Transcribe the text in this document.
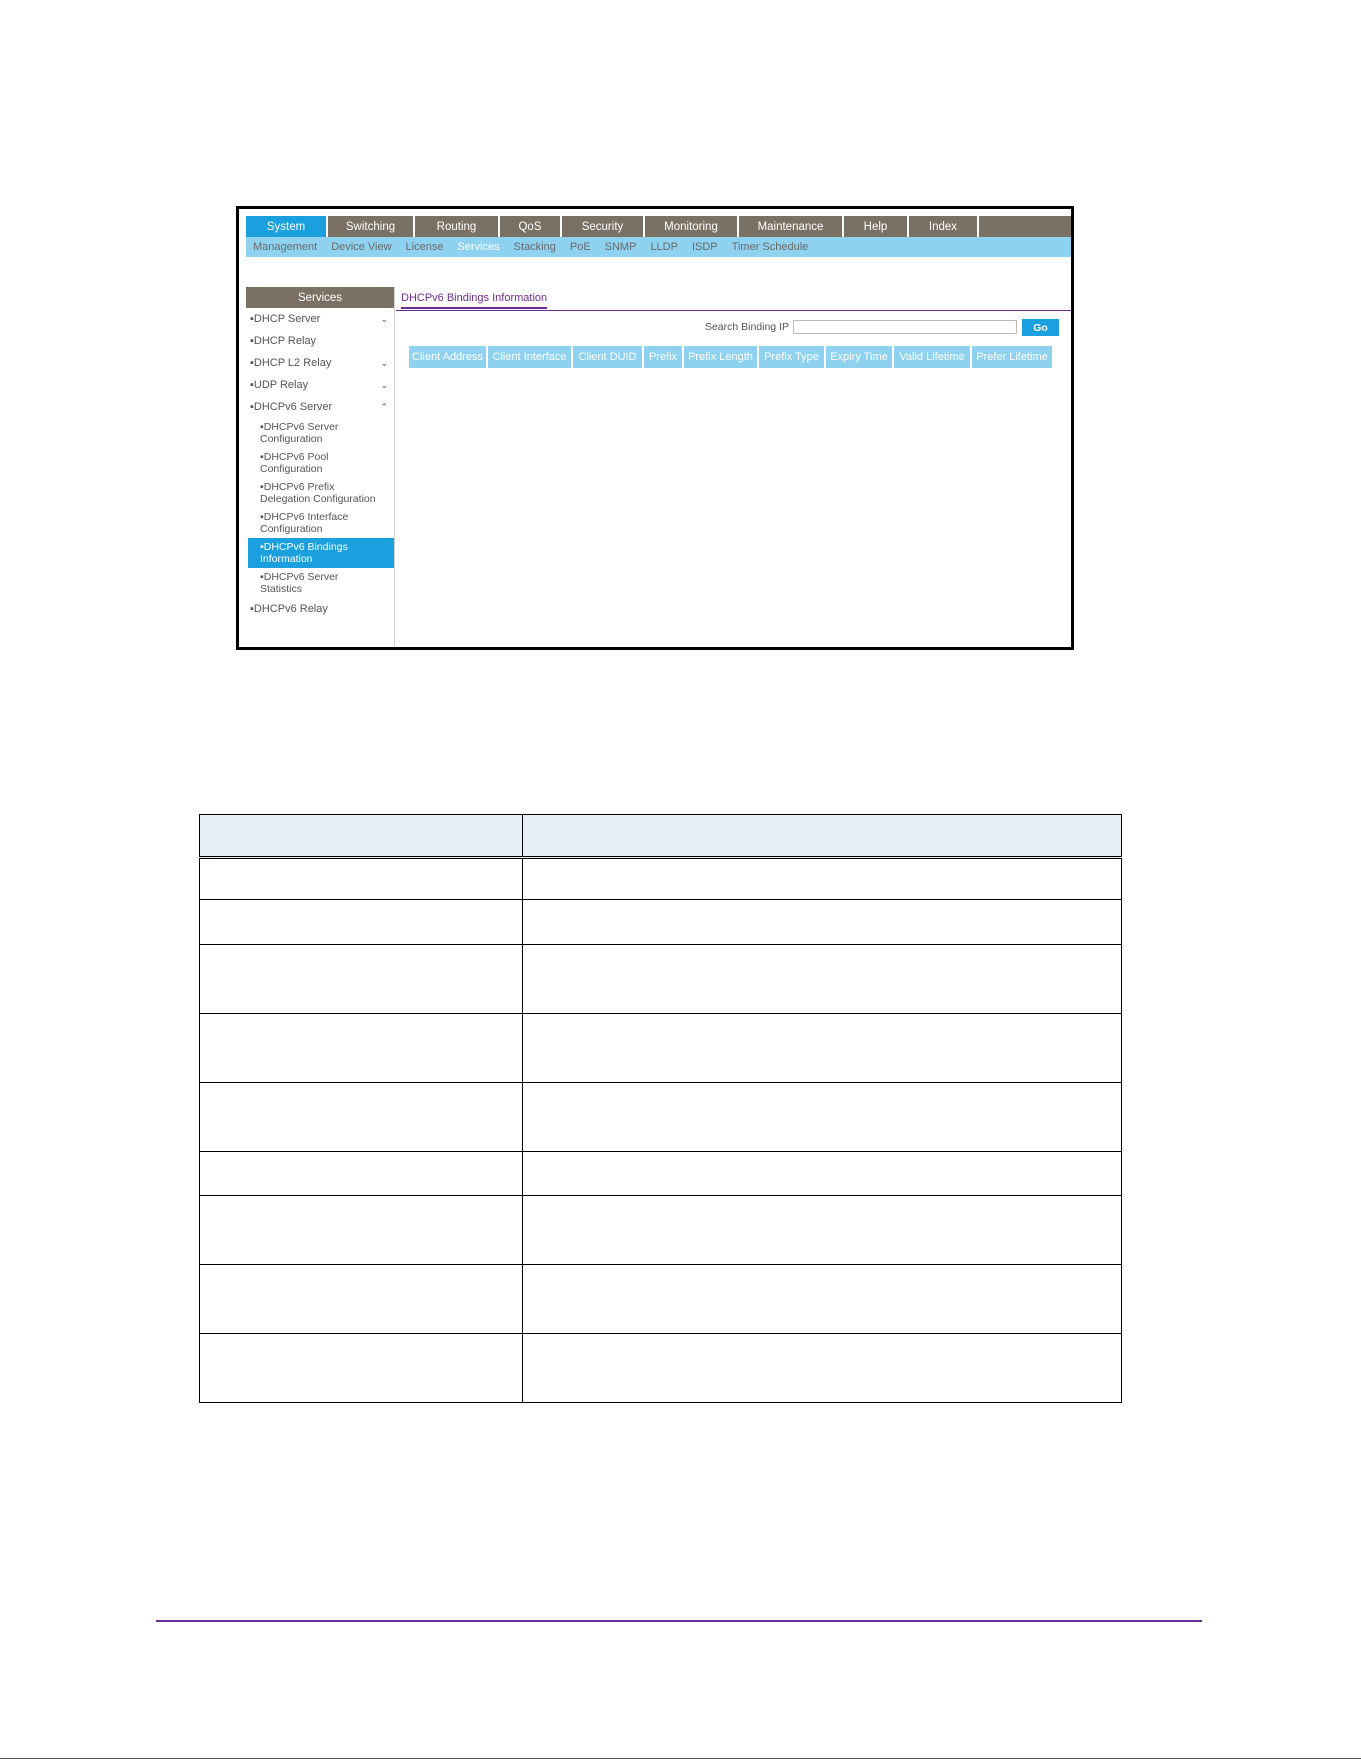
System	Switching	Routing	QoS	Security	Monitoring	Maintenance	Help	Index
Management	Device View	License	Services	Stacking	PoE	SNMP	LLDP	ISDP	Timer Schedule
Services
▪DHCP Server	⌄
▪DHCP Relay
▪DHCP L2 Relay	⌄
▪UDP Relay	⌄
▪DHCPv6 Server	⌃
▪DHCPv6 Server
Configuration
▪DHCPv6 Pool
Configuration
▪DHCPv6 Prefix
Delegation Configuration
▪DHCPv6 Interface
Configuration
▪DHCPv6 Bindings
Information
▪DHCPv6 Server
Statistics
▪DHCPv6 Relay
DHCPv6 Bindings Information
Search Binding IP	Go
Client Address Client Interface	Client DUID	Prefix	Prefix Length	Prefix Type	Expiry Time	Valid Lifetime	Prefer Lifetime
